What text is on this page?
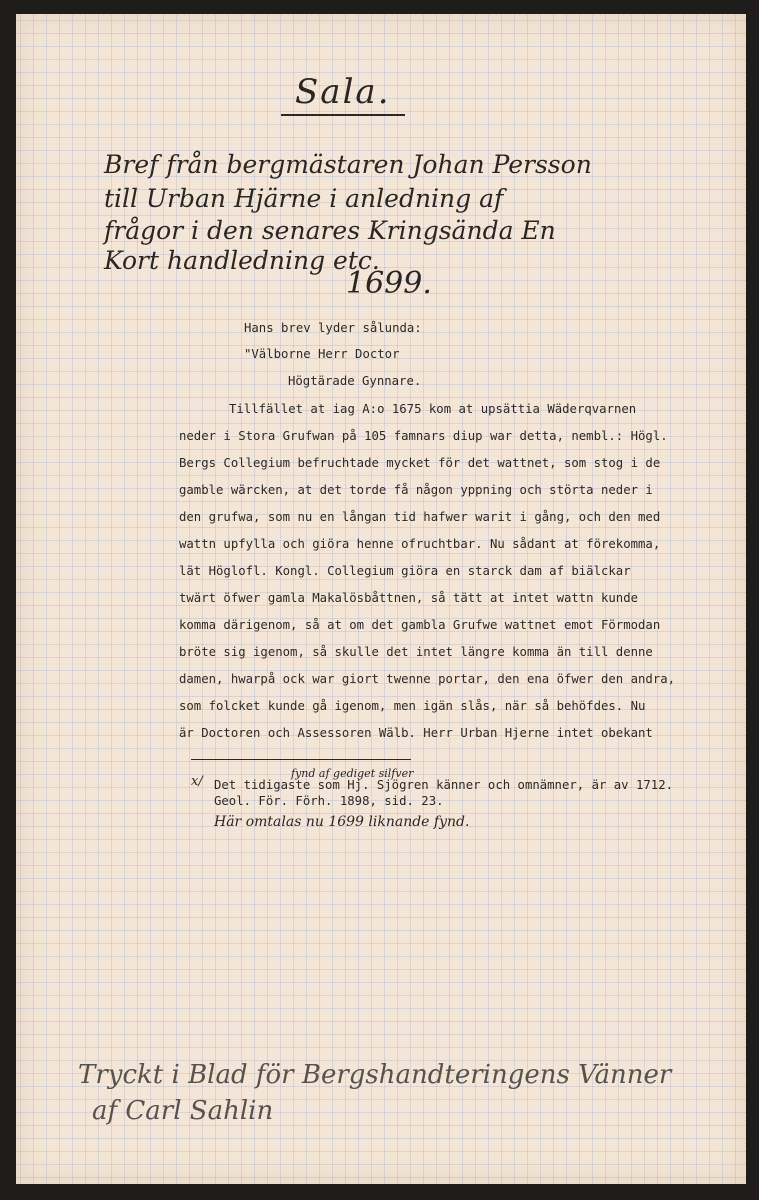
Sala.
Bref från bergmästaren Johan Persson
till Urban Hjärne i anledning af
frågor i den senares Kringsända En
Kort handledning etc.
1699.
Hans brev lyder sålunda:
"Välborne Herr Doctor
Högtärade Gynnare.
Tillfället at iag A:o 1675 kom at upsättia Wäderqvarnen
neder i Stora Grufwan på 105 famnars diup war detta, nembl.: Högl.
Bergs Collegium befruchtade mycket för det wattnet, som stog i de
gamble wärcken, at det torde få någon yppning och störta neder i
den grufwa, som nu en långan tid hafwer warit i gång, och den med
wattn upfylla och giöra henne ofruchtbar. Nu sådant at förekomma,
lät Höglofl. Kongl. Collegium giöra en starck dam af biälckar
twärt öfwer gamla Makalösbåttnen, så tätt at intet wattn kunde
komma därigenom, så at om det gambla Grufwe wattnet emot Förmodan
bröte sig igenom, så skulle det intet längre komma än till denne
damen, hwarpå ock war giort twenne portar, den ena öfwer den andra,
som folcket kunde gå igenom, men igän slås, när så behöfdes. Nu
är Doctoren och Assessoren Wälb. Herr Urban Hjerne intet obekant
x/
fynd af gediget silfver
Det tidigaste som Hj. Sjögren känner och omnämner, är av 1712.
Geol. För. Förh. 1898, sid. 23.
Här omtalas nu 1699 liknande fynd.
Tryckt i Blad för Bergshandteringens Vänner
af Carl Sahlin
